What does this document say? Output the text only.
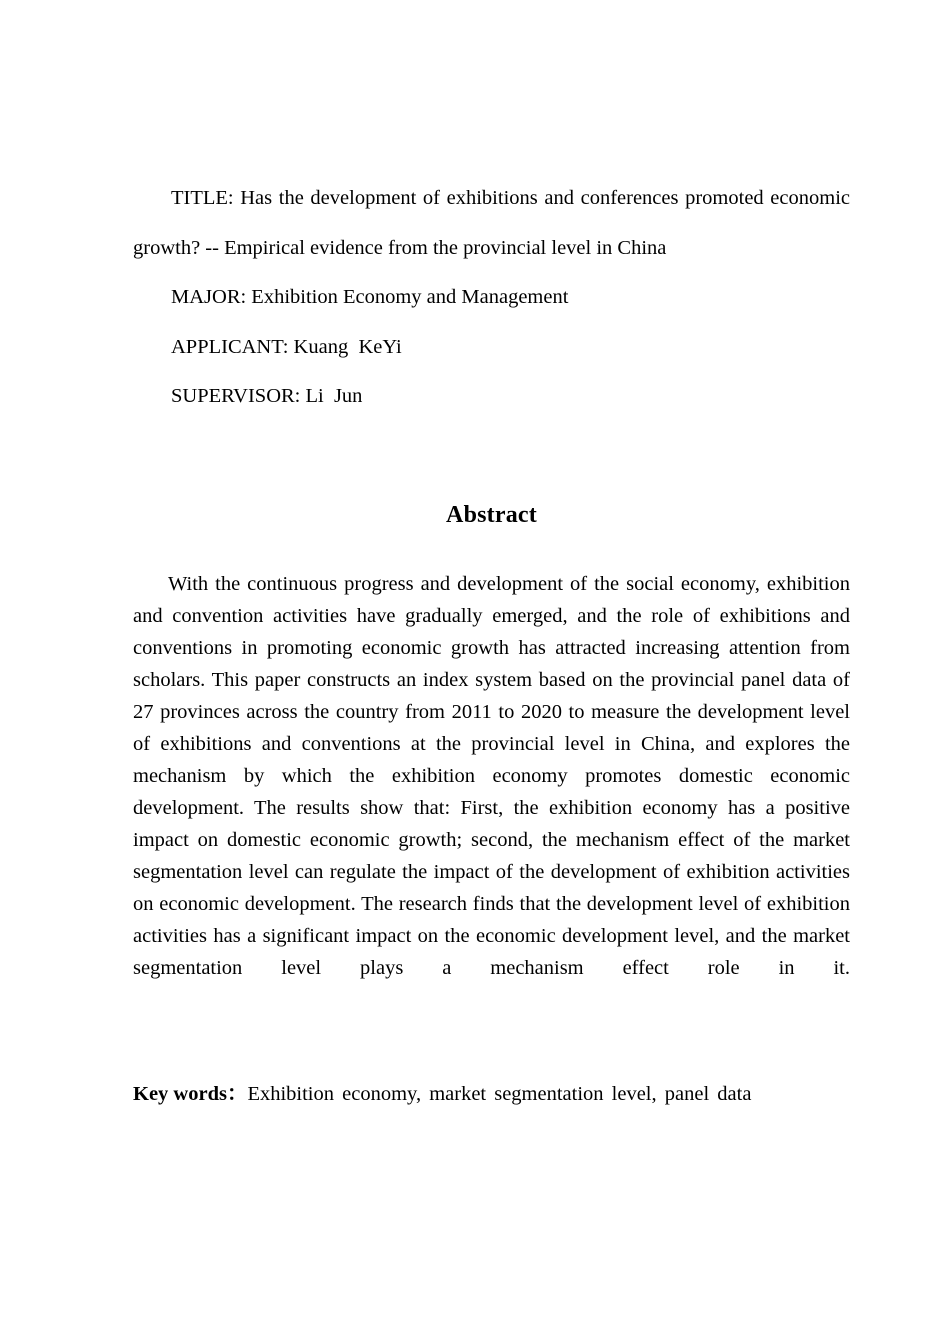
TITLE: Has the development of exhibitions and conferences promoted economic growth? -- Empirical evidence from the provincial level in China

MAJOR: Exhibition Economy and Management

APPLICANT: Kuang  KeYi

SUPERVISOR: Li  Jun

Abstract

With the continuous progress and development of the social economy, exhibition and convention activities have gradually emerged, and the role of exhibitions and conventions in promoting economic growth has attracted increasing attention from scholars. This paper constructs an index system based on the provincial panel data of 27 provinces across the country from 2011 to 2020 to measure the development level of exhibitions and conventions at the provincial level in China, and explores the mechanism by which the exhibition economy promotes domestic economic development. The results show that: First, the exhibition economy has a positive impact on domestic economic growth; second, the mechanism effect of the market segmentation level can regulate the impact of the development of exhibition activities on economic development. The research finds that the development level of exhibition activities has a significant impact on the economic development level, and the market segmentation level plays a mechanism effect role in it.

Key words：Exhibition economy, market segmentation level, panel data
